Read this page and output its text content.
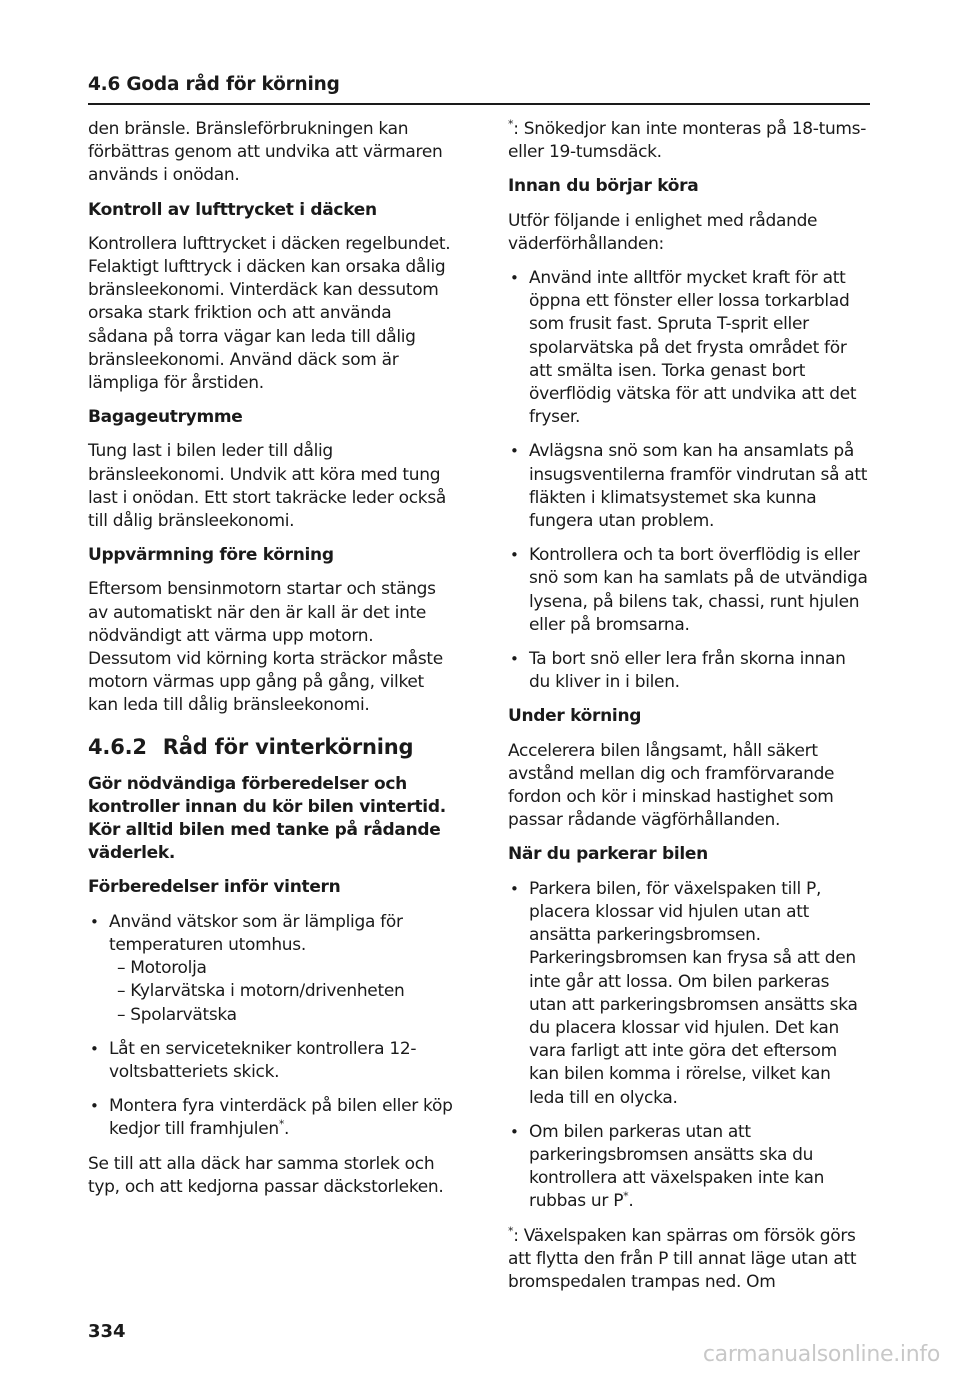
4.6 Goda råd för körning

den bränsle. Bränsleförbrukningen kan förbättras genom att undvika att värmaren används i onödan.

Kontroll av lufttrycket i däcken

Kontrollera lufttrycket i däcken regelbundet. Felaktigt lufttryck i däcken kan orsaka dålig bränsleekonomi. Vinterdäck kan dessutom orsaka stark friktion och att använda sådana på torra vägar kan leda till dålig bränsleekonomi. Använd däck som är lämpliga för årstiden.

Bagageutrymme

Tung last i bilen leder till dålig bränsleekonomi. Undvik att köra med tung last i onödan. Ett stort takräcke leder också till dålig bränsleekonomi.

Uppvärmning före körning

Eftersom bensinmotorn startar och stängs av automatiskt när den är kall är det inte nödvändigt att värma upp motorn. Dessutom vid körning korta sträckor måste motorn värmas upp gång på gång, vilket kan leda till dålig bränsleekonomi.

4.6.2 Råd för vinterkörning

Gör nödvändiga förberedelser och kontroller innan du kör bilen vintertid. Kör alltid bilen med tanke på rådande väderlek.

Förberedelser inför vintern

• Använd vätskor som är lämpliga för temperaturen utomhus.
– Motorolja
– Kylarvätska i motorn/drivenheten
– Spolarvätska
• Låt en servicetekniker kontrollera 12-voltsbatteriets skick.
• Montera fyra vinterdäck på bilen eller köp kedjor till framhjulen*.

Se till att alla däck har samma storlek och typ, och att kedjorna passar däckstorleken.

*: Snökedjor kan inte monteras på 18-tums- eller 19-tumsdäck.

Innan du börjar köra

Utför följande i enlighet med rådande väderförhållanden:

• Använd inte alltför mycket kraft för att öppna ett fönster eller lossa torkarblad som frusit fast. Spruta T-sprit eller spolarvätska på det frysta området för att smälta isen. Torka genast bort överflödig vätska för att undvika att det fryser.
• Avlägsna snö som kan ha ansamlats på insugsventilerna framför vindrutan så att fläkten i klimatsystemet ska kunna fungera utan problem.
• Kontrollera och ta bort överflödig is eller snö som kan ha samlats på de utvändiga lysena, på bilens tak, chassi, runt hjulen eller på bromsarna.
• Ta bort snö eller lera från skorna innan du kliver in i bilen.

Under körning

Accelerera bilen långsamt, håll säkert avstånd mellan dig och framförvarande fordon och kör i minskad hastighet som passar rådande vägförhållanden.

När du parkerar bilen

• Parkera bilen, för växelspaken till P, placera klossar vid hjulen utan att ansätta parkeringsbromsen. Parkeringsbromsen kan frysa så att den inte går att lossa. Om bilen parkeras utan att parkeringsbromsen ansätts ska du placera klossar vid hjulen. Det kan vara farligt att inte göra det eftersom kan bilen komma i rörelse, vilket kan leda till en olycka.
• Om bilen parkeras utan att parkeringsbromsen ansätts ska du kontrollera att växelspaken inte kan rubbas ur P*.

*: Växelspaken kan spärras om försök görs att flytta den från P till annat läge utan att bromspedalen trampas ned. Om

334
carmanualsonline.info
